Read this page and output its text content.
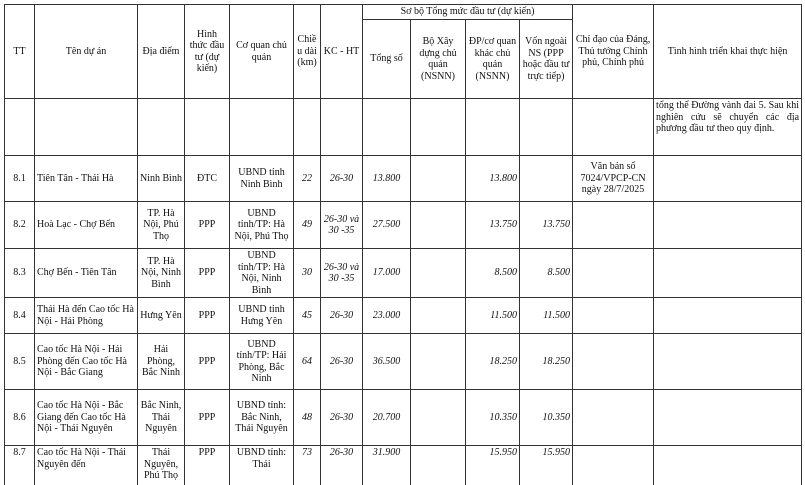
TT	Tên dự án	Địa điểm	Hình thức đầu tư (dự kiến)	Cơ quan chủ quản	Chiều dài (km)	KC - HT	Sơ bộ Tổng mức đầu tư (dự kiến)				Chỉ đạo của Đảng, Thủ tướng Chính phủ, Chính phủ	Tình hình triển khai thực hiện
							Tổng số	Bộ Xây dựng chủ quản (NSNN)	ĐP/cơ quan khác chủ quản (NSNN)	Vốn ngoài NS (PPP hoặc đầu tư trực tiếp)		
												tổng thể Đường vành đai 5. Sau khi nghiên cứu sẽ chuyển các địa phương đầu tư theo quy định.
8.1	Tiên Tân - Thái Hà	Ninh Bình	ĐTC	UBND tỉnh Ninh Bình	22	26-30	13.800		13.800		Văn bản số 7024/VPCP-CN ngày 28/7/2025	
8.2	Hoà Lạc - Chợ Bến	TP. Hà Nội, Phú Thọ	PPP	UBND tỉnh/TP: Hà Nội, Phú Thọ	49	26-30 và 30 -35	27.500		13.750	13.750		
8.3	Chợ Bến - Tiên Tân	TP. Hà Nội, Ninh Bình	PPP	UBND tỉnh/TP: Hà Nội, Ninh Bình	30	26-30 và 30 -35	17.000		8.500	8.500		
8.4	Thái Hà đến Cao tốc Hà Nội - Hải Phòng	Hưng Yên	PPP	UBND tỉnh Hưng Yên	45	26-30	23.000		11.500	11.500		
8.5	Cao tốc Hà Nội - Hải Phòng đến Cao tốc Hà Nội - Bắc Giang	Hải Phòng, Bắc Ninh	PPP	UBND tỉnh/TP: Hải Phòng, Bắc Ninh	64	26-30	36.500		18.250	18.250		
8.6	Cao tốc Hà Nội - Bắc Giang đến Cao tốc Hà Nội - Thái Nguyên	Bắc Ninh, Thái Nguyên	PPP	UBND tỉnh: Bắc Ninh, Thái Nguyên	48	26-30	20.700		10.350	10.350		
8.7	Cao tốc Hà Nội - Thái Nguyên đến	Thái Nguyên, Phú Thọ	PPP	UBND tỉnh: Thái	73	26-30	31.900		15.950	15.950		
